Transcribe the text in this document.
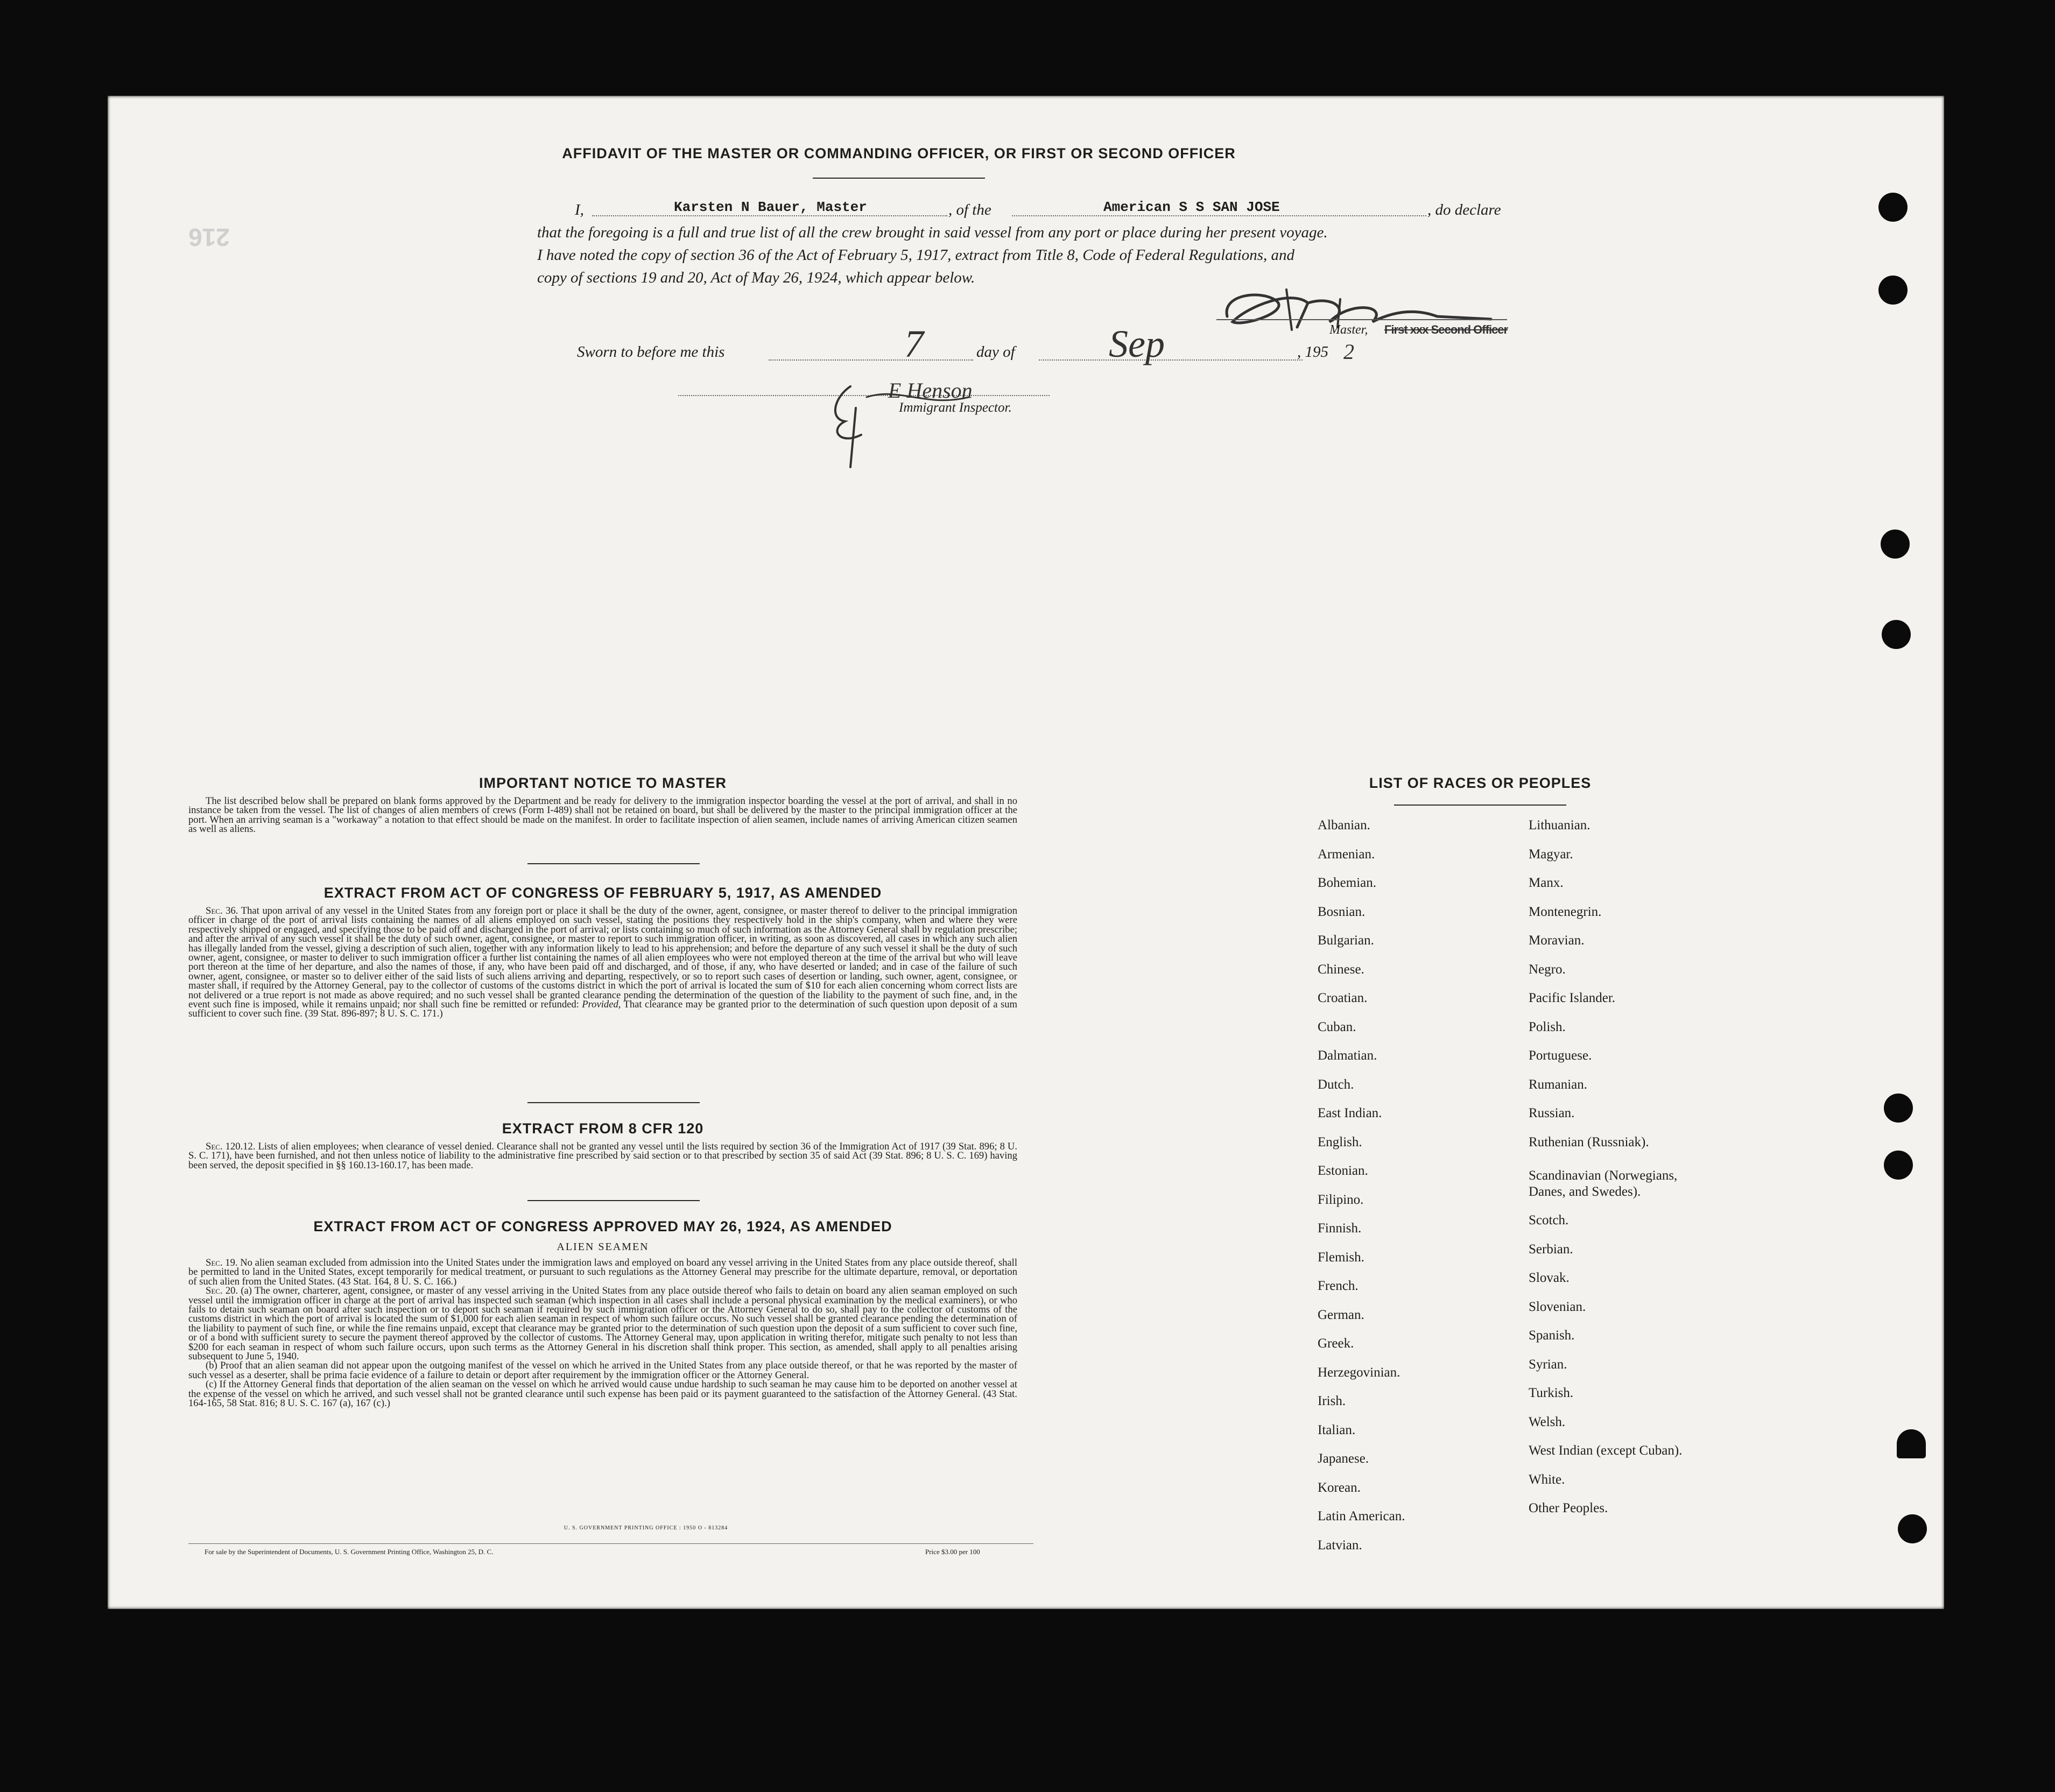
216
AFFIDAVIT OF THE MASTER OR COMMANDING OFFICER, OR FIRST OR SECOND OFFICER
I,	Karsten N Bauer, Master	, of the	American S S SAN JOSE	, do declare
that the foregoing is a full and true list of all the crew brought in said vessel from any port or place during her present voyage.
I have noted the copy of section 36 of the Act of February 5, 1917, extract from Title 8, Code of Federal Regulations, and
copy of sections 19 and 20, Act of May 26, 1924, which appear below.
Master, First xxx Second Officer
Sworn to before me this	7	day of Sep	, 195 2
E Henson
Immigrant Inspector.
IMPORTANT NOTICE TO MASTER

The list described below shall be prepared on blank forms approved by the Department and be ready for delivery to the immigration inspector boarding the vessel at the port of arrival, and shall in no instance be taken from the vessel. The list of changes of alien members of crews (Form I-489) shall not be retained on board, but shall be delivered by the master to the principal immigration officer at the port. When an arriving seaman is a "workaway" a notation to that effect should be made on the manifest. In order to facilitate inspection of alien seamen, include names of arriving American citizen seamen as well as aliens.

EXTRACT FROM ACT OF CONGRESS OF FEBRUARY 5, 1917, AS AMENDED

Sec. 36. That upon arrival of any vessel in the United States from any foreign port or place it shall be the duty of the owner, agent, consignee, or master thereof to deliver to the principal immigration officer in charge of the port of arrival lists containing the names of all aliens employed on such vessel, stating the positions they respectively hold in the ship's company, when and where they were respectively shipped or engaged, and specifying those to be paid off and discharged in the port of arrival; or lists containing so much of such information as the Attorney General shall by regulation prescribe; and after the arrival of any such vessel it shall be the duty of such owner, agent, consignee, or master to report to such immigration officer, in writing, as soon as discovered, all cases in which any such alien has illegally landed from the vessel, giving a description of such alien, together with any information likely to lead to his apprehension; and before the departure of any such vessel it shall be the duty of such owner, agent, consignee, or master to deliver to such immigration officer a further list containing the names of all alien employees who were not employed thereon at the time of the arrival but who will leave port thereon at the time of her departure, and also the names of those, if any, who have been paid off and discharged, and of those, if any, who have deserted or landed; and in case of the failure of such owner, agent, consignee, or master so to deliver either of the said lists of such aliens arriving and departing, respectively, or so to report such cases of desertion or landing, such owner, agent, consignee, or master shall, if required by the Attorney General, pay to the collector of customs of the customs district in which the port of arrival is located the sum of $10 for each alien concerning whom correct lists are not delivered or a true report is not made as above required; and no such vessel shall be granted clearance pending the determination of the question of the liability to the payment of such fine, and, in the event such fine is imposed, while it remains unpaid; nor shall such fine be remitted or refunded: Provided, That clearance may be granted prior to the determination of such question upon deposit of a sum sufficient to cover such fine. (39 Stat. 896-897; 8 U. S. C. 171.)

EXTRACT FROM 8 CFR 120

Sec. 120.12. Lists of alien employees; when clearance of vessel denied. Clearance shall not be granted any vessel until the lists required by section 36 of the Immigration Act of 1917 (39 Stat. 896; 8 U. S. C. 171), have been furnished, and not then unless notice of liability to the administrative fine prescribed by said section or to that prescribed by section 35 of said Act (39 Stat. 896; 8 U. S. C. 169) having been served, the deposit specified in §§ 160.13-160.17, has been made.

EXTRACT FROM ACT OF CONGRESS APPROVED MAY 26, 1924, AS AMENDED
ALIEN SEAMEN

Sec. 19. No alien seaman excluded from admission into the United States under the immigration laws and employed on board any vessel arriving in the United States from any place outside thereof, shall be permitted to land in the United States, except temporarily for medical treatment, or pursuant to such regulations as the Attorney General may prescribe for the ultimate departure, removal, or deportation of such alien from the United States. (43 Stat. 164, 8 U. S. C. 166.)

Sec. 20. (a) The owner, charterer, agent, consignee, or master of any vessel arriving in the United States from any place outside thereof who fails to detain on board any alien seaman employed on such vessel until the immigration officer in charge at the port of arrival has inspected such seaman (which inspection in all cases shall include a personal physical examination by the medical examiners), or who fails to detain such seaman on board after such inspection or to deport such seaman if required by such immigration officer or the Attorney General to do so, shall pay to the collector of customs of the customs district in which the port of arrival is located the sum of $1,000 for each alien seaman in respect of whom such failure occurs. No such vessel shall be granted clearance pending the determination of the liability to payment of such fine, or while the fine remains unpaid, except that clearance may be granted prior to the determination of such question upon the deposit of a sum sufficient to cover such fine, or of a bond with sufficient surety to secure the payment thereof approved by the collector of customs. The Attorney General may, upon application in writing therefor, mitigate such penalty to not less than $200 for each seaman in respect of whom such failure occurs, upon such terms as the Attorney General in his discretion shall think proper. This section, as amended, shall apply to all penalties arising subsequent to June 5, 1940.

(b) Proof that an alien seaman did not appear upon the outgoing manifest of the vessel on which he arrived in the United States from any place outside thereof, or that he was reported by the master of such vessel as a deserter, shall be prima facie evidence of a failure to detain or deport after requirement by the immigration officer or the Attorney General.

(c) If the Attorney General finds that deportation of the alien seaman on the vessel on which he arrived would cause undue hardship to such seaman he may cause him to be deported on another vessel at the expense of the vessel on which he arrived, and such vessel shall not be granted clearance until such expense has been paid or its payment guaranteed to the satisfaction of the Attorney General. (43 Stat. 164-165, 58 Stat. 816; 8 U. S. C. 167 (a), 167 (c).)

U. S. GOVERNMENT PRINTING OFFICE : 1950 O - 813284
For sale by the Superintendent of Documents, U. S. Government Printing Office, Washington 25, D. C.	Price $3.00 per 100
LIST OF RACES OR PEOPLES
Albanian.
Armenian.
Bohemian.
Bosnian.
Bulgarian.
Chinese.
Croatian.
Cuban.
Dalmatian.
Dutch.
East Indian.
English.
Estonian.
Filipino.
Finnish.
Flemish.
French.
German.
Greek.
Herzegovinian.
Irish.
Italian.
Japanese.
Korean.
Latin American.
Latvian.
Lithuanian.
Magyar.
Manx.
Montenegrin.
Moravian.
Negro.
Pacific Islander.
Polish.
Portuguese.
Rumanian.
Russian.
Ruthenian (Russniak).
Scandinavian (Norwegians,
Danes, and Swedes).
Scotch.
Serbian.
Slovak.
Slovenian.
Spanish.
Syrian.
Turkish.
Welsh.
West Indian (except Cuban).
White.
Other Peoples.
